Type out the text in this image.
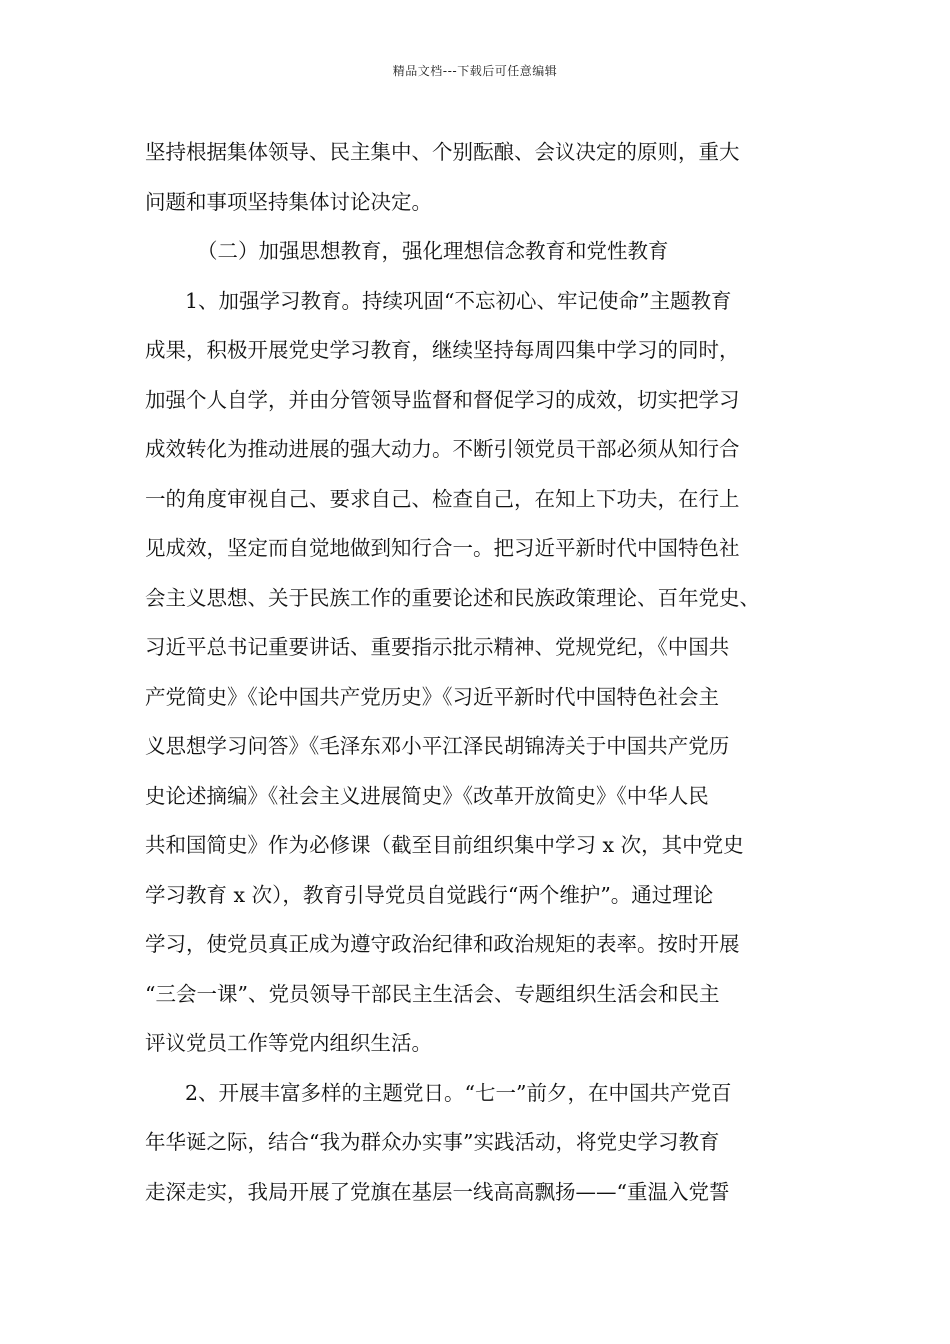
精品文档---下载后可任意编辑
坚持根据集体领导、民主集中、个别酝酿、会议决定的原则，重大
问题和事项坚持集体讨论决定。
（二）加强思想教育，强化理想信念教育和党性教育
1、加强学习教育。持续巩固“不忘初心、牢记使命”主题教育
成果，积极开展党史学习教育，继续坚持每周四集中学习的同时，
加强个人自学，并由分管领导监督和督促学习的成效，切实把学习
成效转化为推动进展的强大动力。不断引领党员干部必须从知行合
一的角度审视自己、要求自己、检查自己，在知上下功夫，在行上
见成效，坚定而自觉地做到知行合一。把习近平新时代中国特色社
会主义思想、关于民族工作的重要论述和民族政策理论、百年党史、
习近平总书记重要讲话、重要指示批示精神、党规党纪，《中国共
产党简史》《论中国共产党历史》《习近平新时代中国特色社会主
义思想学习问答》《毛泽东邓小平江泽民胡锦涛关于中国共产党历
史论述摘编》《社会主义进展简史》《改革开放简史》《中华人民
共和国简史》作为必修课（截至目前组织集中学习 x 次，其中党史
学习教育 x 次），教育引导党员自觉践行“两个维护”。通过理论
学习，使党员真正成为遵守政治纪律和政治规矩的表率。按时开展
“三会一课”、党员领导干部民主生活会、专题组织生活会和民主
评议党员工作等党内组织生活。
2、开展丰富多样的主题党日。“七一”前夕，在中国共产党百
年华诞之际，结合“我为群众办实事”实践活动，将党史学习教育
走深走实，我局开展了党旗在基层一线高高飘扬——“重温入党誓
